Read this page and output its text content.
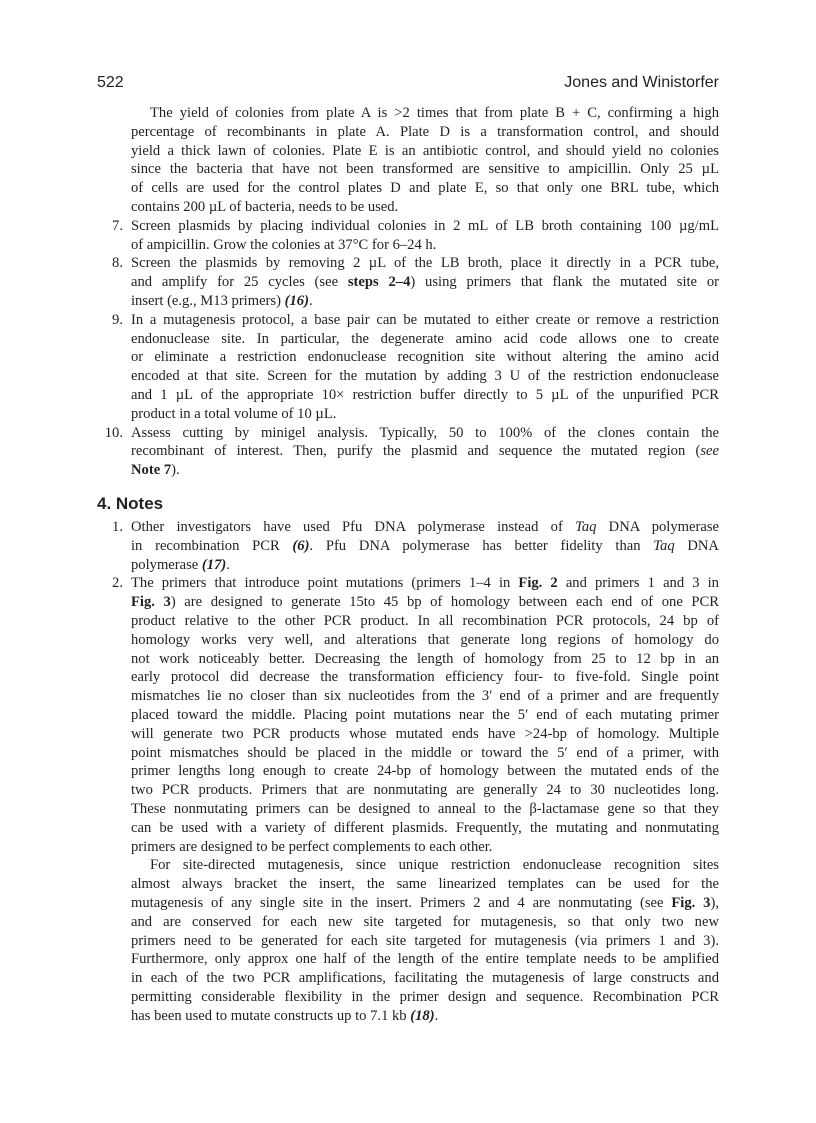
522	Jones and Winistorfer
The yield of colonies from plate A is >2 times that from plate B + C, confirming a high
percentage of recombinants in plate A. Plate D is a transformation control, and should
yield a thick lawn of colonies. Plate E is an antibiotic control, and should yield no colonies
since the bacteria that have not been transformed are sensitive to ampicillin. Only 25 µL
of cells are used for the control plates D and plate E, so that only one BRL tube, which
contains 200 µL of bacteria, needs to be used.
7. Screen plasmids by placing individual colonies in 2 mL of LB broth containing 100 µg/mL
of ampicillin. Grow the colonies at 37°C for 6–24 h.
8. Screen the plasmids by removing 2 µL of the LB broth, place it directly in a PCR tube,
and amplify for 25 cycles (see steps 2–4) using primers that flank the mutated site or
insert (e.g., M13 primers) (16).
9. In a mutagenesis protocol, a base pair can be mutated to either create or remove a restriction
endonuclease site. In particular, the degenerate amino acid code allows one to create
or eliminate a restriction endonuclease recognition site without altering the amino acid
encoded at that site. Screen for the mutation by adding 3 U of the restriction endonuclease
and 1 µL of the appropriate 10× restriction buffer directly to 5 µL of the unpurified PCR
product in a total volume of 10 µL.
10. Assess cutting by minigel analysis. Typically, 50 to 100% of the clones contain the
recombinant of interest. Then, purify the plasmid and sequence the mutated region (see
Note 7).
4. Notes
1. Other investigators have used Pfu DNA polymerase instead of Taq DNA polymerase
in recombination PCR (6). Pfu DNA polymerase has better fidelity than Taq DNA
polymerase (17).
2. The primers that introduce point mutations (primers 1–4 in Fig. 2 and primers 1 and 3 in
Fig. 3) are designed to generate 15to 45 bp of homology between each end of one PCR
product relative to the other PCR product. In all recombination PCR protocols, 24 bp of
homology works very well, and alterations that generate long regions of homology do
not work noticeably better. Decreasing the length of homology from 25 to 12 bp in an
early protocol did decrease the transformation efficiency four- to five-fold. Single point
mismatches lie no closer than six nucleotides from the 3′ end of a primer and are frequently
placed toward the middle. Placing point mutations near the 5′ end of each mutating primer
will generate two PCR products whose mutated ends have >24-bp of homology. Multiple
point mismatches should be placed in the middle or toward the 5′ end of a primer, with
primer lengths long enough to create 24-bp of homology between the mutated ends of the
two PCR products. Primers that are nonmutating are generally 24 to 30 nucleotides long.
These nonmutating primers can be designed to anneal to the β-lactamase gene so that they
can be used with a variety of different plasmids. Frequently, the mutating and nonmutating
primers are designed to be perfect complements to each other.
For site-directed mutagenesis, since unique restriction endonuclease recognition sites
almost always bracket the insert, the same linearized templates can be used for the
mutagenesis of any single site in the insert. Primers 2 and 4 are nonmutating (see Fig. 3),
and are conserved for each new site targeted for mutagenesis, so that only two new
primers need to be generated for each site targeted for mutagenesis (via primers 1 and 3).
Furthermore, only approx one half of the length of the entire template needs to be amplified
in each of the two PCR amplifications, facilitating the mutagenesis of large constructs and
permitting considerable flexibility in the primer design and sequence. Recombination PCR
has been used to mutate constructs up to 7.1 kb (18).
